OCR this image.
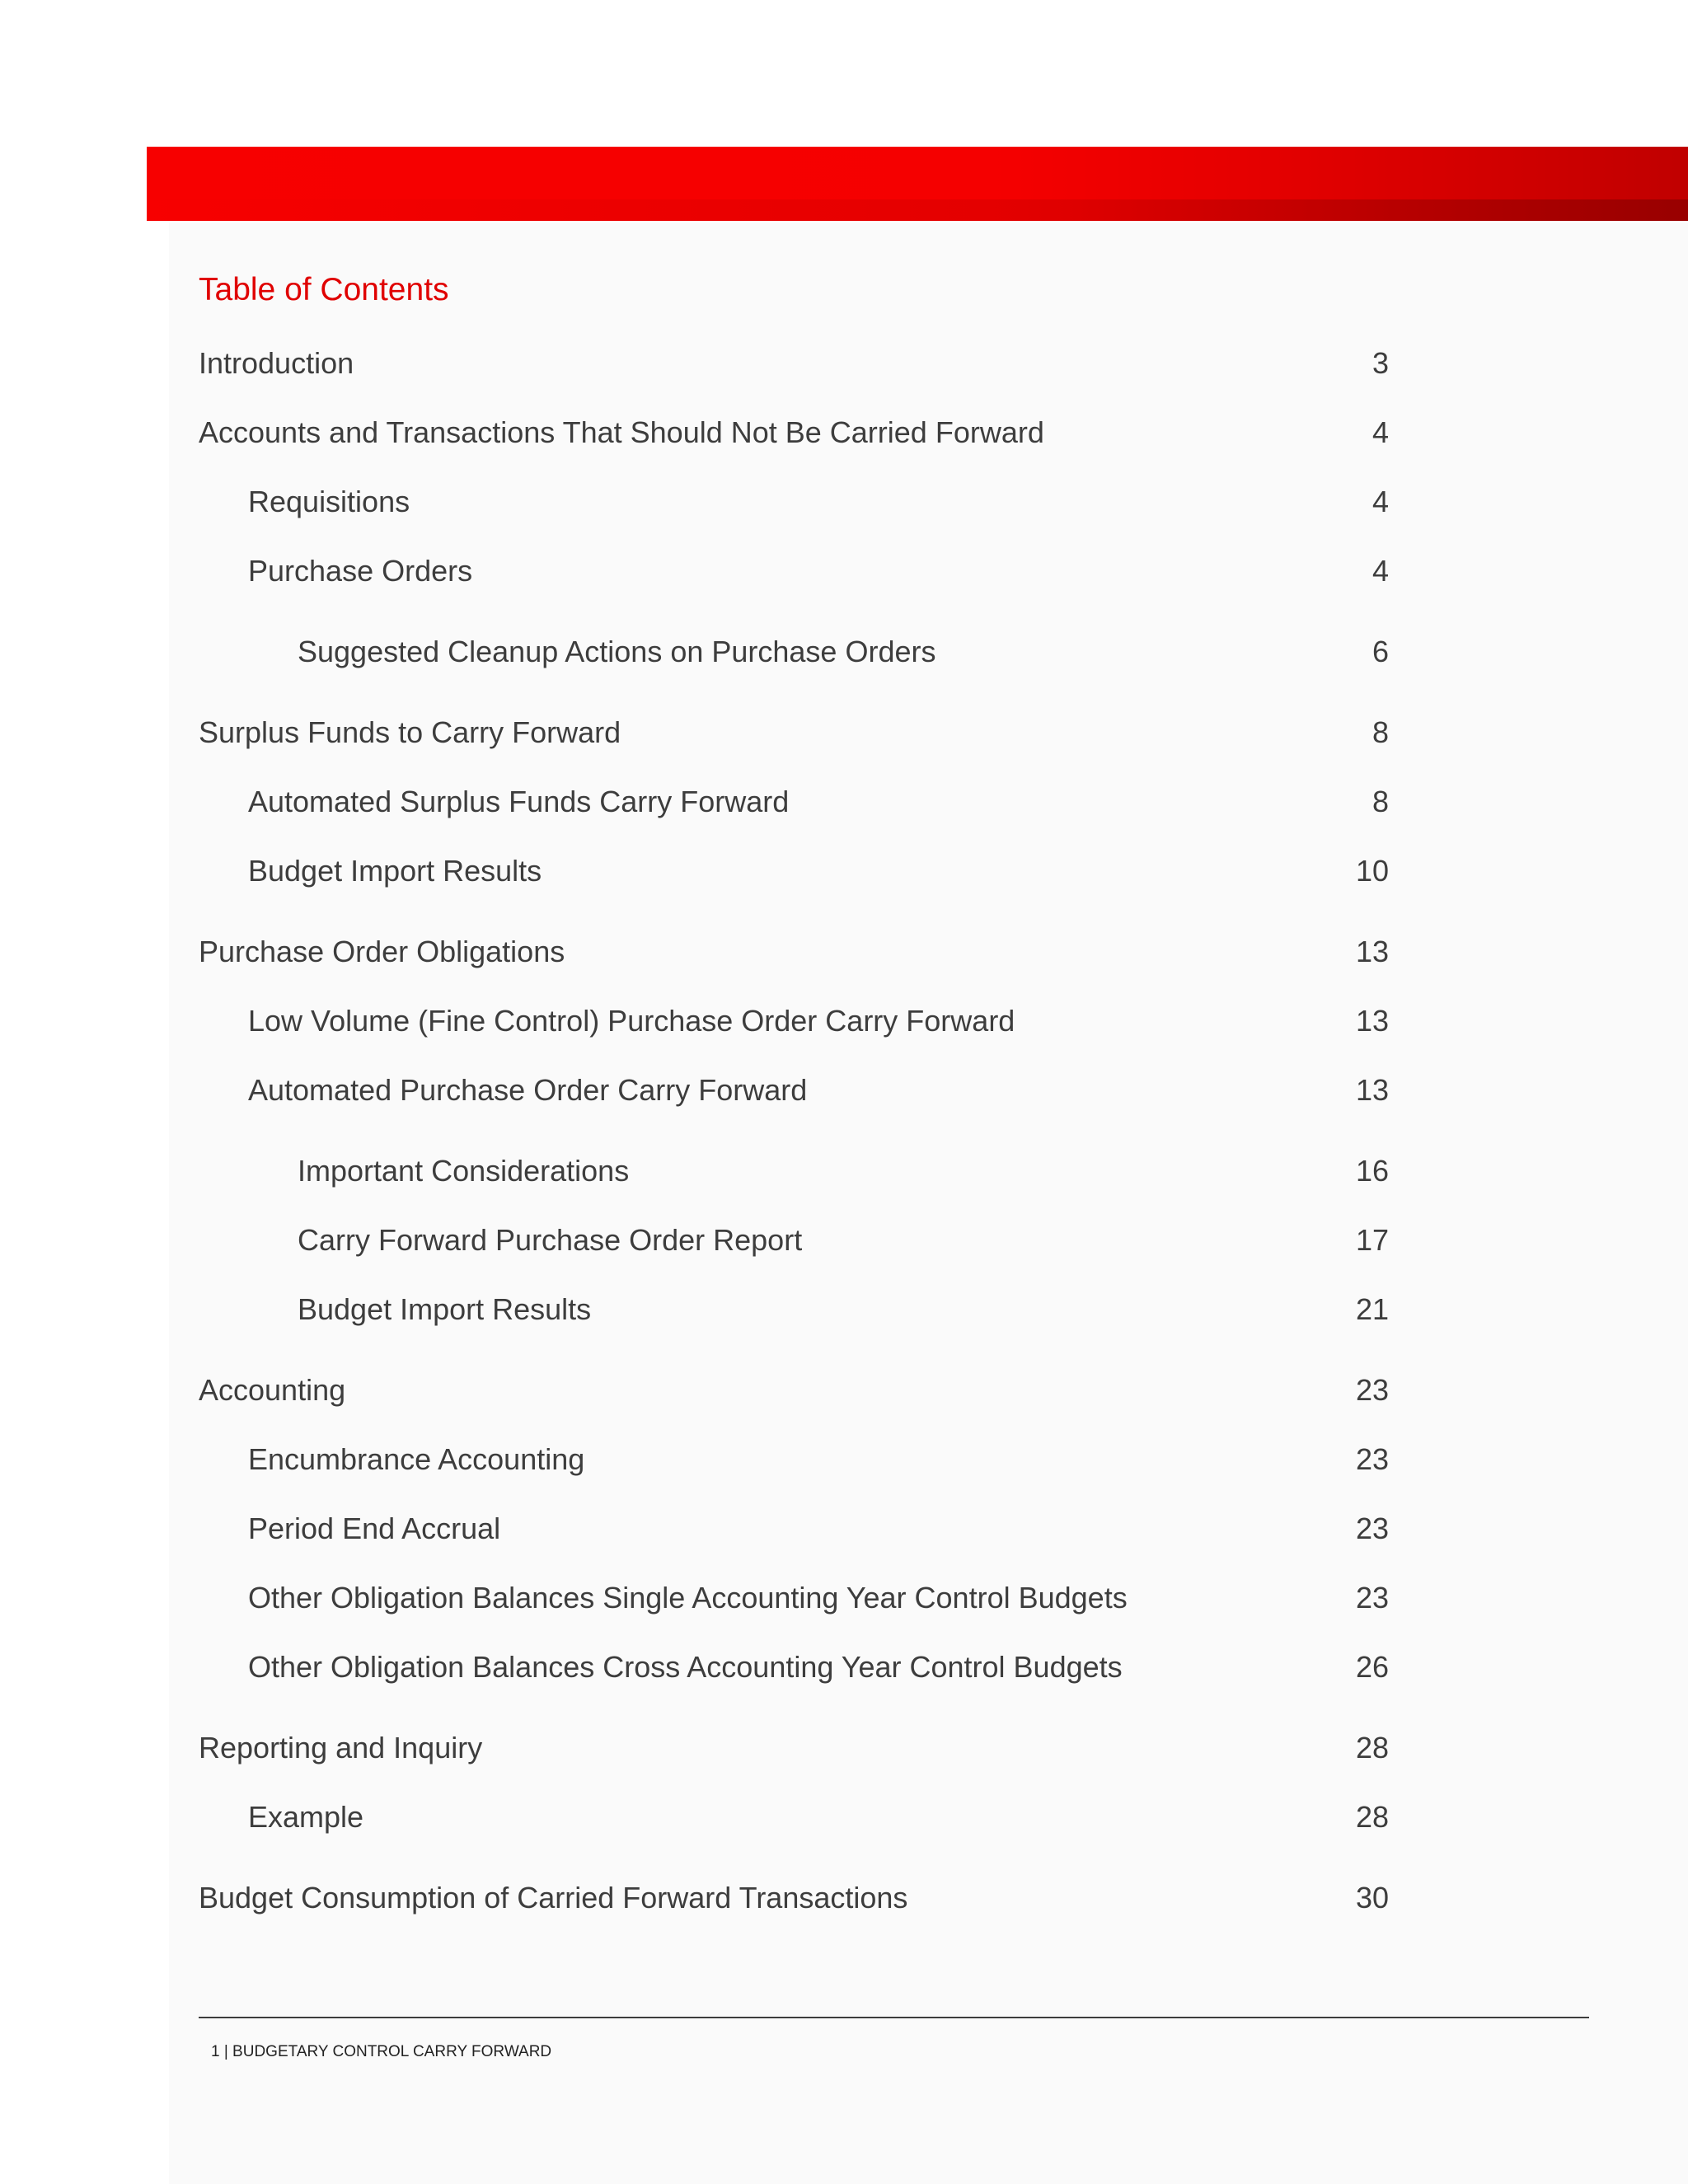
Table of Contents
Introduction	3
Accounts and Transactions That Should Not Be Carried Forward	4
Requisitions	4
Purchase Orders	4
Suggested Cleanup Actions on Purchase Orders	6
Surplus Funds to Carry Forward	8
Automated Surplus Funds Carry Forward	8
Budget Import Results	10
Purchase Order Obligations	13
Low Volume (Fine Control) Purchase Order Carry Forward	13
Automated Purchase Order Carry Forward	13
Important Considerations	16
Carry Forward Purchase Order Report	17
Budget Import Results	21
Accounting	23
Encumbrance Accounting	23
Period End Accrual	23
Other Obligation Balances Single Accounting Year Control Budgets	23
Other Obligation Balances Cross Accounting Year Control Budgets	26
Reporting and Inquiry	28
Example	28
Budget Consumption of Carried Forward Transactions	30
1 | BUDGETARY CONTROL CARRY FORWARD
